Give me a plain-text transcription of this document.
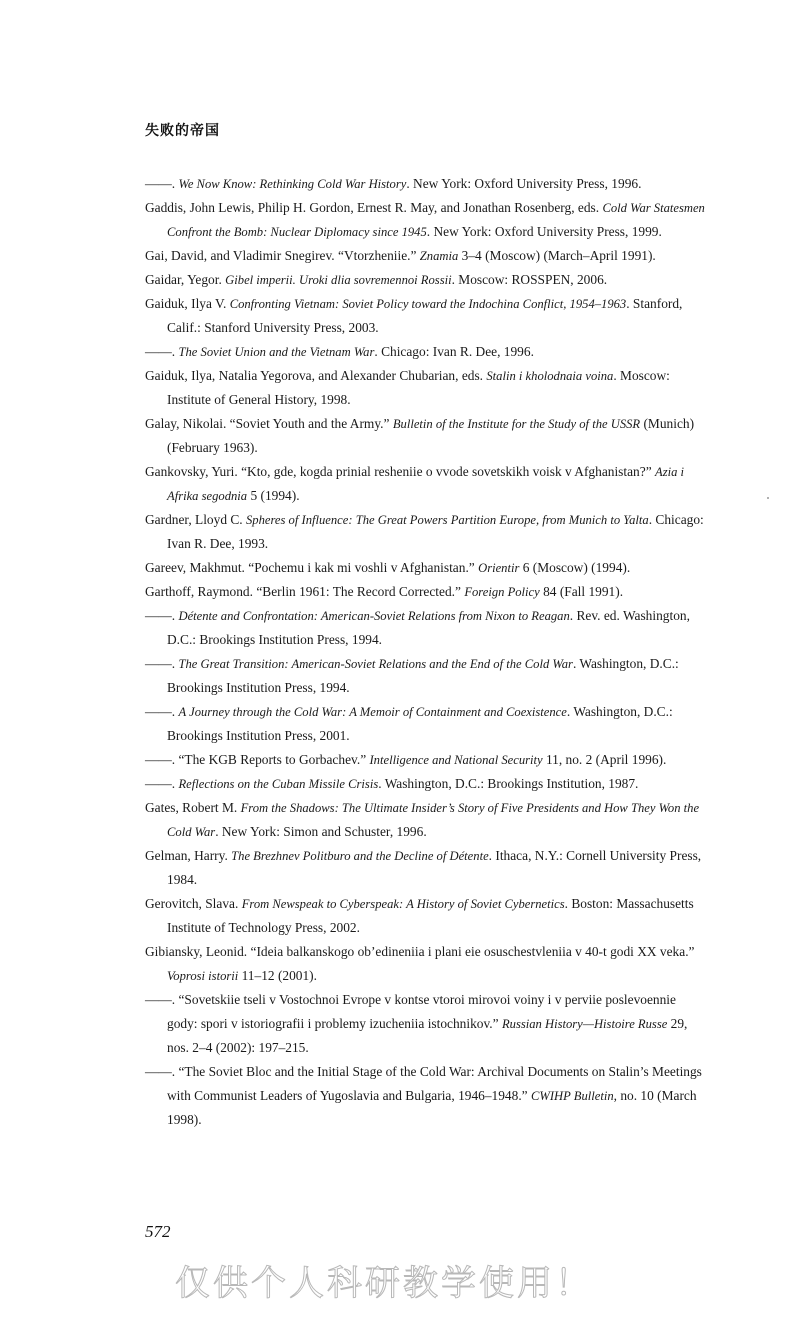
失败的帝国

——. We Now Know: Rethinking Cold War History. New York: Oxford University Press, 1996.

Gaddis, John Lewis, Philip H. Gordon, Ernest R. May, and Jonathan Rosenberg, eds. Cold War Statesmen Confront the Bomb: Nuclear Diplomacy since 1945. New York: Oxford University Press, 1999.

Gai, David, and Vladimir Snegirev. “Vtorzheniie.” Znamia 3–4 (Moscow) (March–April 1991).

Gaidar, Yegor. Gibel imperii. Uroki dlia sovremennoi Rossii. Moscow: ROSSPEN, 2006.

Gaiduk, Ilya V. Confronting Vietnam: Soviet Policy toward the Indochina Conflict, 1954–1963. Stanford, Calif.: Stanford University Press, 2003.

——. The Soviet Union and the Vietnam War. Chicago: Ivan R. Dee, 1996.

Gaiduk, Ilya, Natalia Yegorova, and Alexander Chubarian, eds. Stalin i kholodnaia voina. Moscow: Institute of General History, 1998.

Galay, Nikolai. “Soviet Youth and the Army.” Bulletin of the Institute for the Study of the USSR (Munich) (February 1963).

Gankovsky, Yuri. “Kto, gde, kogda prinial resheniie o vvode sovetskikh voisk v Afghanistan?” Azia i Afrika segodnia 5 (1994).

Gardner, Lloyd C. Spheres of Influence: The Great Powers Partition Europe, from Munich to Yalta. Chicago: Ivan R. Dee, 1993.

Gareev, Makhmut. “Pochemu i kak mi voshli v Afghanistan.” Orientir 6 (Moscow) (1994).

Garthoff, Raymond. “Berlin 1961: The Record Corrected.” Foreign Policy 84 (Fall 1991).

——. Détente and Confrontation: American-Soviet Relations from Nixon to Reagan. Rev. ed. Washington, D.C.: Brookings Institution Press, 1994.

——. The Great Transition: American-Soviet Relations and the End of the Cold War. Washington, D.C.: Brookings Institution Press, 1994.

——. A Journey through the Cold War: A Memoir of Containment and Coexistence. Washington, D.C.: Brookings Institution Press, 2001.

——. “The KGB Reports to Gorbachev.” Intelligence and National Security 11, no. 2 (April 1996).

——. Reflections on the Cuban Missile Crisis. Washington, D.C.: Brookings Institution, 1987.

Gates, Robert M. From the Shadows: The Ultimate Insider’s Story of Five Presidents and How They Won the Cold War. New York: Simon and Schuster, 1996.

Gelman, Harry. The Brezhnev Politburo and the Decline of Détente. Ithaca, N.Y.: Cornell University Press, 1984.

Gerovitch, Slava. From Newspeak to Cyberspeak: A History of Soviet Cybernetics. Boston: Massachusetts Institute of Technology Press, 2002.

Gibiansky, Leonid. “Ideia balkanskogo ob’edineniia i plani eie osuschestvleniia v 40-t godi XX veka.” Voprosi istorii 11–12 (2001).

——. “Sovetskiie tseli v Vostochnoi Evrope v kontse vtoroi mirovoi voiny i v perviie poslevoennie gody: spori v istoriografii i problemy izucheniia istochnikov.” Russian History—Histoire Russe 29, nos. 2–4 (2002): 197–215.

——. “The Soviet Bloc and the Initial Stage of the Cold War: Archival Documents on Stalin’s Meetings with Communist Leaders of Yugoslavia and Bulgaria, 1946–1948.” CWIHP Bulletin, no. 10 (March 1998).

572
仅供个人科研教学使用！
